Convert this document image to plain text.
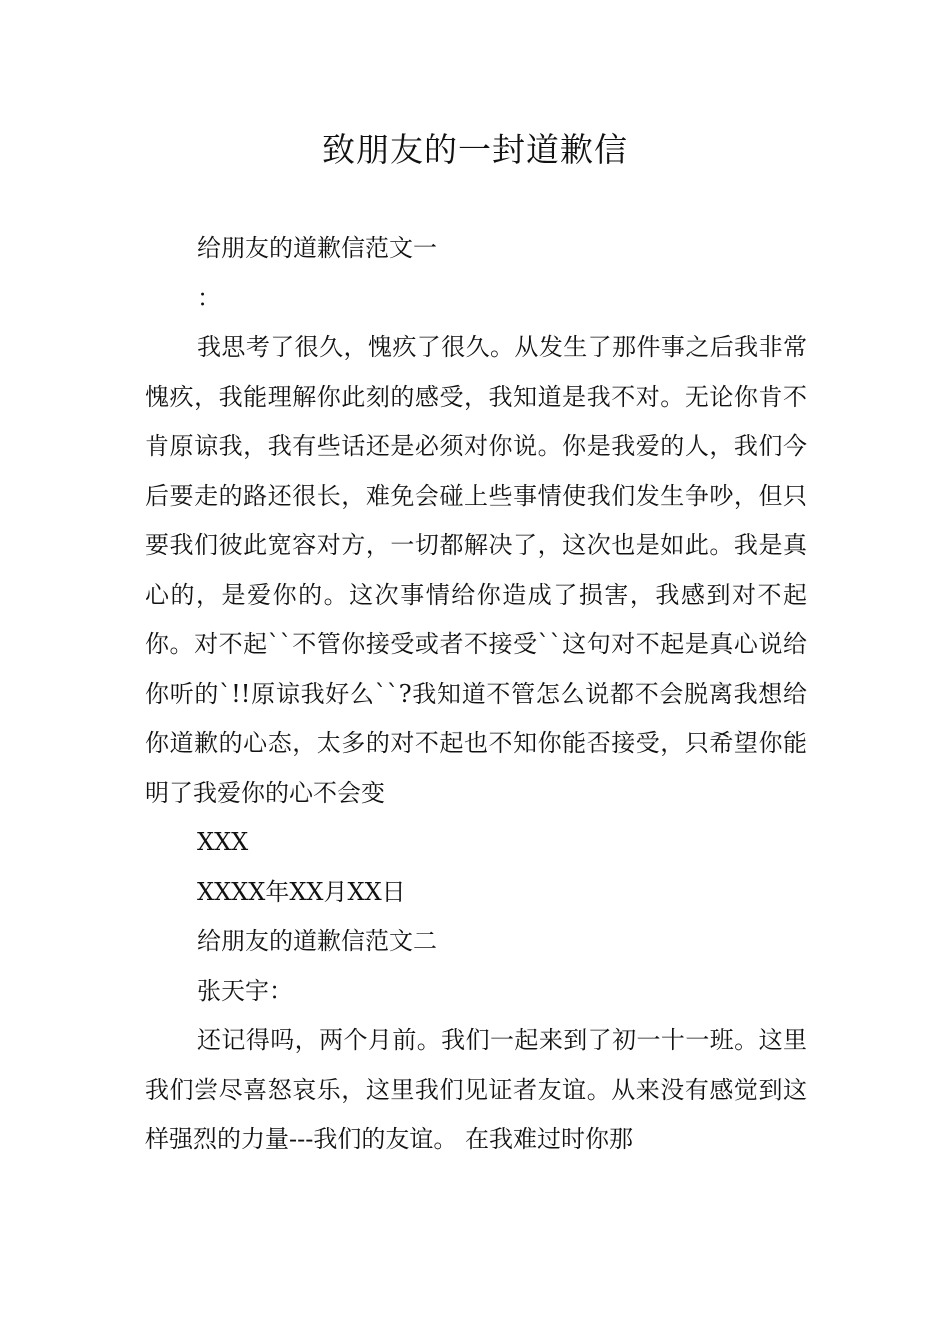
致朋友的一封道歉信

给朋友的道歉信范文一

：

我思考了很久，愧疚了很久。从发生了那件事之后我非常愧疚，我能理解你此刻的感受，我知道是我不对。无论你肯不肯原谅我，我有些话还是必须对你说。你是我爱的人，我们今后要走的路还很长，难免会碰上些事情使我们发生争吵，但只要我们彼此宽容对方，一切都解决了，这次也是如此。我是真心的，是爱你的。这次事情给你造成了损害，我感到对不起你。对不起``不管你接受或者不接受``这句对不起是真心说给你听的`!!原谅我好么``?我知道不管怎么说都不会脱离我想给你道歉的心态，太多的对不起也不知你能否接受，只希望你能明了我爱你的心不会变

XXX

XXXX年XX月XX日

给朋友的道歉信范文二

张天宇：

还记得吗，两个月前。我们一起来到了初一十一班。这里我们尝尽喜怒哀乐，这里我们见证者友谊。从来没有感觉到这样强烈的力量---我们的友谊。 在我难过时你那
